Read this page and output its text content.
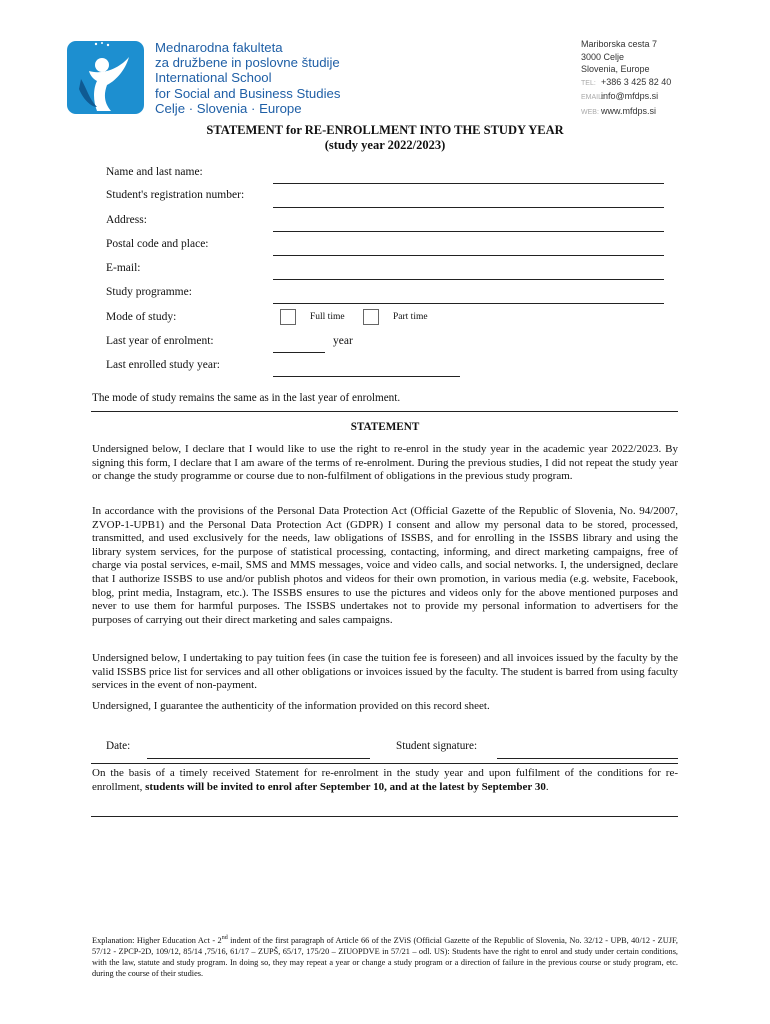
Mednarodna fakulteta
za družbene in poslovne študije
International School
for Social and Business Studies
Celje · Slovenia · Europe
Mariborska cesta 7
3000 Celje
Slovenia, Europe
TEL: +386 3 425 82 40
EMAIL:info@mfdps.si
WEB: www.mfdps.si
STATEMENT for RE-ENROLLMENT INTO THE STUDY YEAR
(study year 2022/2023)
Name and last name:
Student's registration number:
Address:
Postal code and place:
E-mail:
Study programme:
Mode of study:	Full time	Part time
Last year of enrolment:	year
Last enrolled study year:
The mode of study remains the same as in the last year of enrolment.
STATEMENT
Undersigned below, I declare that I would like to use the right to re-enrol in the study year in the academic year 2022/2023. By signing this form, I declare that I am aware of the terms of re-enrolment. During the previous studies, I did not repeat the study year or change the study programme or course due to non-fulfilment of obligations in the previous study program.
In accordance with the provisions of the Personal Data Protection Act (Official Gazette of the Republic of Slovenia, No. 94/2007, ZVOP-1-UPB1) and the Personal Data Protection Act (GDPR) I consent and allow my personal data to be stored, processed, transmitted, and used exclusively for the needs, law obligations of ISSBS, and for enrolling in the ISSBS library and using the library system services, for the purpose of statistical processing, contacting, informing, and direct marketing campaigns, free of charge via postal services, e-mail, SMS and MMS messages, voice and video calls, and social networks. I, the undersigned, declare that I authorize ISSBS to use and/or publish photos and videos for their own promotion, in various media (e.g. website, Facebook, blog, print media, Instagram, etc.). The ISSBS ensures to use the pictures and videos only for the above mentioned purposes and never to use them for harmful purposes. The ISSBS undertakes not to provide my personal information to advertisers for the purposes of carrying out their direct marketing and sales campaigns.
Undersigned below, I undertaking to pay tuition fees (in case the tuition fee is foreseen) and all invoices issued by the faculty by the valid ISSBS price list for services and all other obligations or invoices issued by the faculty. The student is barred from using faculty services in the event of non-payment.
Undersigned, I guarantee the authenticity of the information provided on this record sheet.
Date:	Student signature:
On the basis of a timely received Statement for re-enrolment in the study year and upon fulfilment of the conditions for re-enrollment, students will be invited to enrol after September 10, and at the latest by September 30.
Explanation: Higher Education Act - 2nd indent of the first paragraph of Article 66 of the ZViS (Official Gazette of the Republic of Slovenia, No. 32/12 - UPB, 40/12 - ZUJF, 57/12 - ZPCP-2D, 109/12, 85/14 ,75/16, 61/17 – ZUPŠ, 65/17, 175/20 – ZIUOPDVE in 57/21 – odl. US): Students have the right to enrol and study under certain conditions, with the law, statute and study program. In doing so, they may repeat a year or change a study program or a direction of failure in the previous course or study program, etc. during the course of their studies.
